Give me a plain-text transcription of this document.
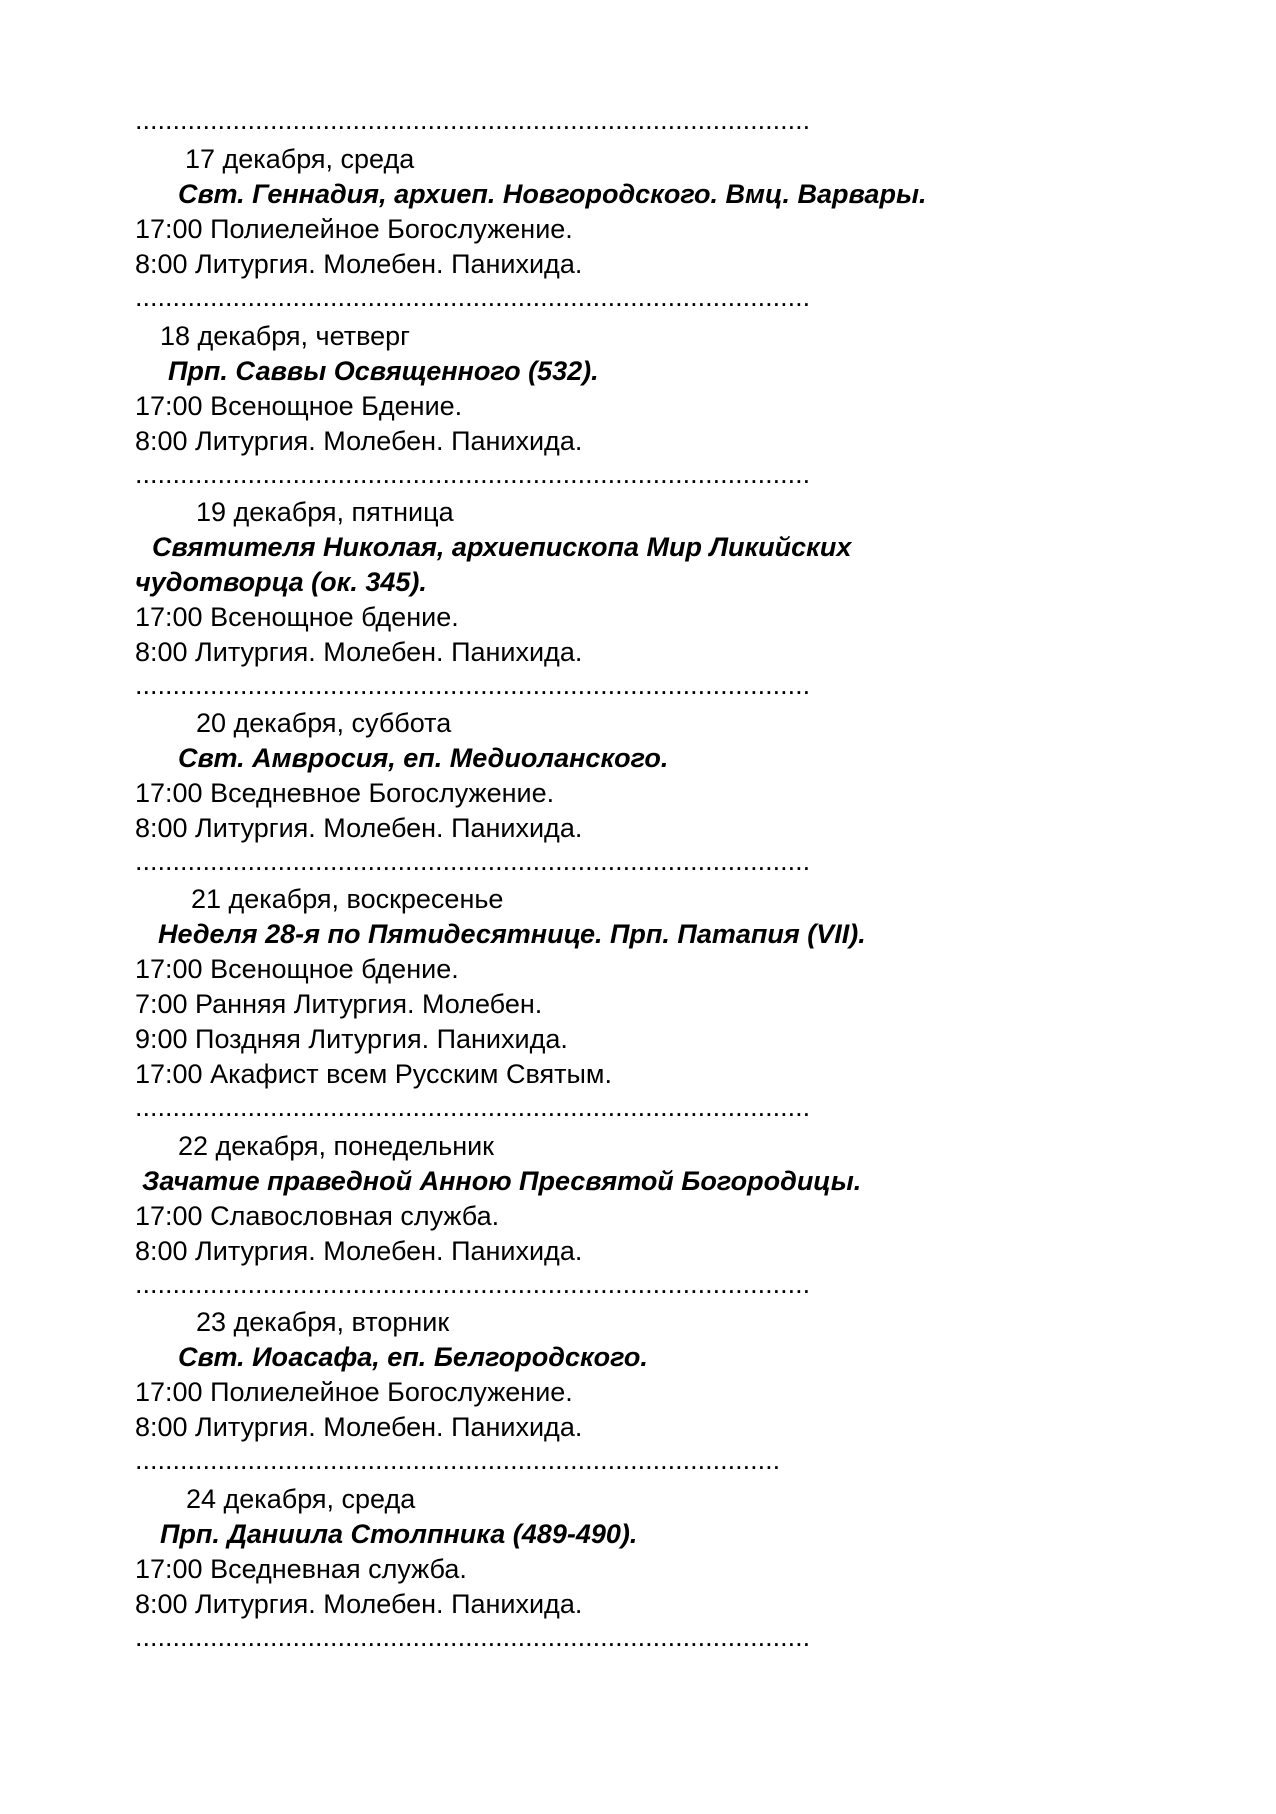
..........................................................................................
17 декабря, среда
Свт. Геннадия, архиеп. Новгородского. Вмц. Варвары.
17:00 Полиелейное Богослужение.
8:00 Литургия. Молебен. Панихида.
..........................................................................................
18 декабря, четверг
Прп. Саввы Освященного (532).
17:00 Всенощное Бдение.
8:00 Литургия. Молебен. Панихида.
..........................................................................................
19 декабря, пятница
Святителя Николая, архиепископа Мир Ликийских
чудотворца (ок. 345).
17:00 Всенощное бдение.
8:00 Литургия. Молебен. Панихида.
..........................................................................................
20 декабря, суббота
Свт. Амвросия, еп. Медиоланского.
17:00 Вседневное Богослужение.
8:00 Литургия. Молебен. Панихида.
..........................................................................................
21 декабря, воскресенье
Неделя 28-я по Пятидесятнице. Прп. Патапия (VII).
17:00 Всенощное бдение.
7:00 Ранняя Литургия. Молебен.
9:00 Поздняя Литургия. Панихида.
17:00 Акафист всем Русским Святым.
..........................................................................................
22 декабря, понедельник
Зачатие праведной Анною Пресвятой Богородицы.
17:00 Славословная служба.
8:00 Литургия. Молебен. Панихида.
..........................................................................................
23 декабря, вторник
Свт. Иоасафа, еп. Белгородского.
17:00 Полиелейное Богослужение.
8:00 Литургия. Молебен. Панихида.
......................................................................................
24 декабря, среда
Прп. Даниила Столпника (489-490).
17:00 Вседневная служба.
8:00 Литургия. Молебен. Панихида.
..........................................................................................
